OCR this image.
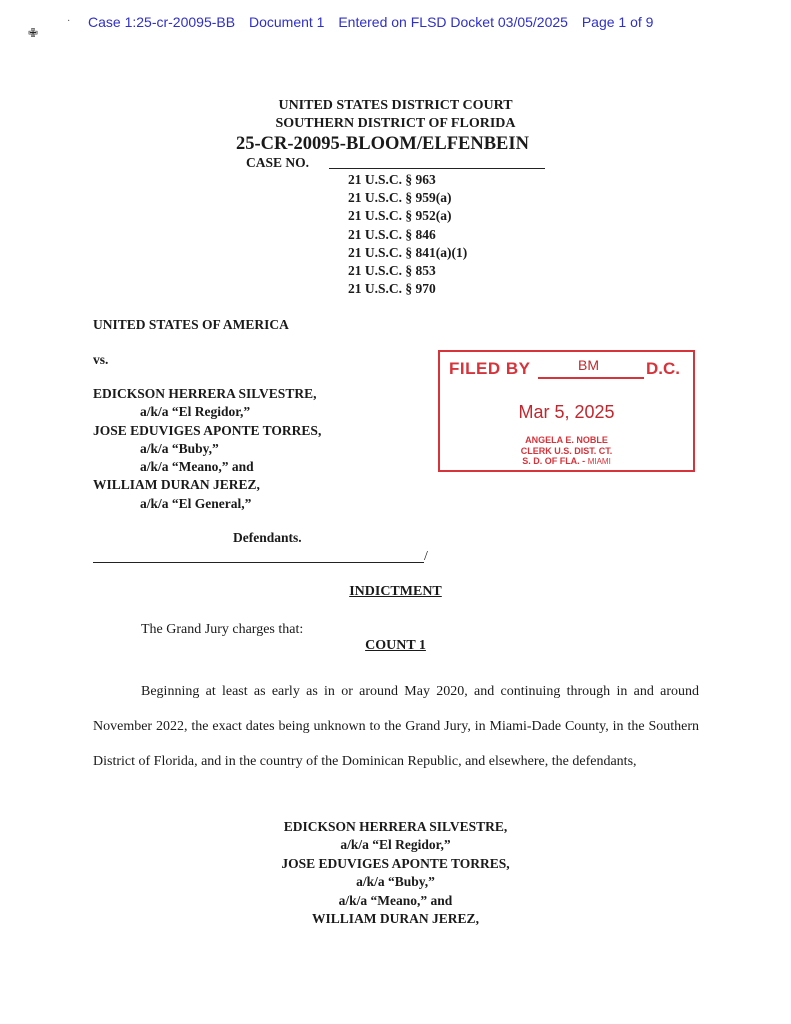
✙
· Case 1:25-cr-20095-BB Document 1 Entered on FLSD Docket 03/05/2025 Page 1 of 9
UNITED STATES DISTRICT COURT
SOUTHERN DISTRICT OF FLORIDA
25-CR-20095-BLOOM/ELFENBEIN
CASE NO.
21 U.S.C. § 963
21 U.S.C. § 959(a)
21 U.S.C. § 952(a)
21 U.S.C. § 846
21 U.S.C. § 841(a)(1)
21 U.S.C. § 853
21 U.S.C. § 970
UNITED STATES OF AMERICA
vs.
EDICKSON HERRERA SILVESTRE,
a/k/a “El Regidor,”
JOSE EDUVIGES APONTE TORRES,
a/k/a “Buby,”
a/k/a “Meano,” and
WILLIAM DURAN JEREZ,
a/k/a “El General,”
Defendants.
/
FILED BY	BM	D.C.
Mar 5, 2025
ANGELA E. NOBLE
CLERK U.S. DIST. CT.
S. D. OF FLA. - MIAMI
INDICTMENT
The Grand Jury charges that:
COUNT 1
Beginning at least as early as in or around May 2020, and continuing through in and around November 2022, the exact dates being unknown to the Grand Jury, in Miami-Dade County, in the Southern District of Florida, and in the country of the Dominican Republic, and elsewhere, the defendants,
EDICKSON HERRERA SILVESTRE,
a/k/a “El Regidor,”
JOSE EDUVIGES APONTE TORRES,
a/k/a “Buby,”
a/k/a “Meano,” and
WILLIAM DURAN JEREZ,
